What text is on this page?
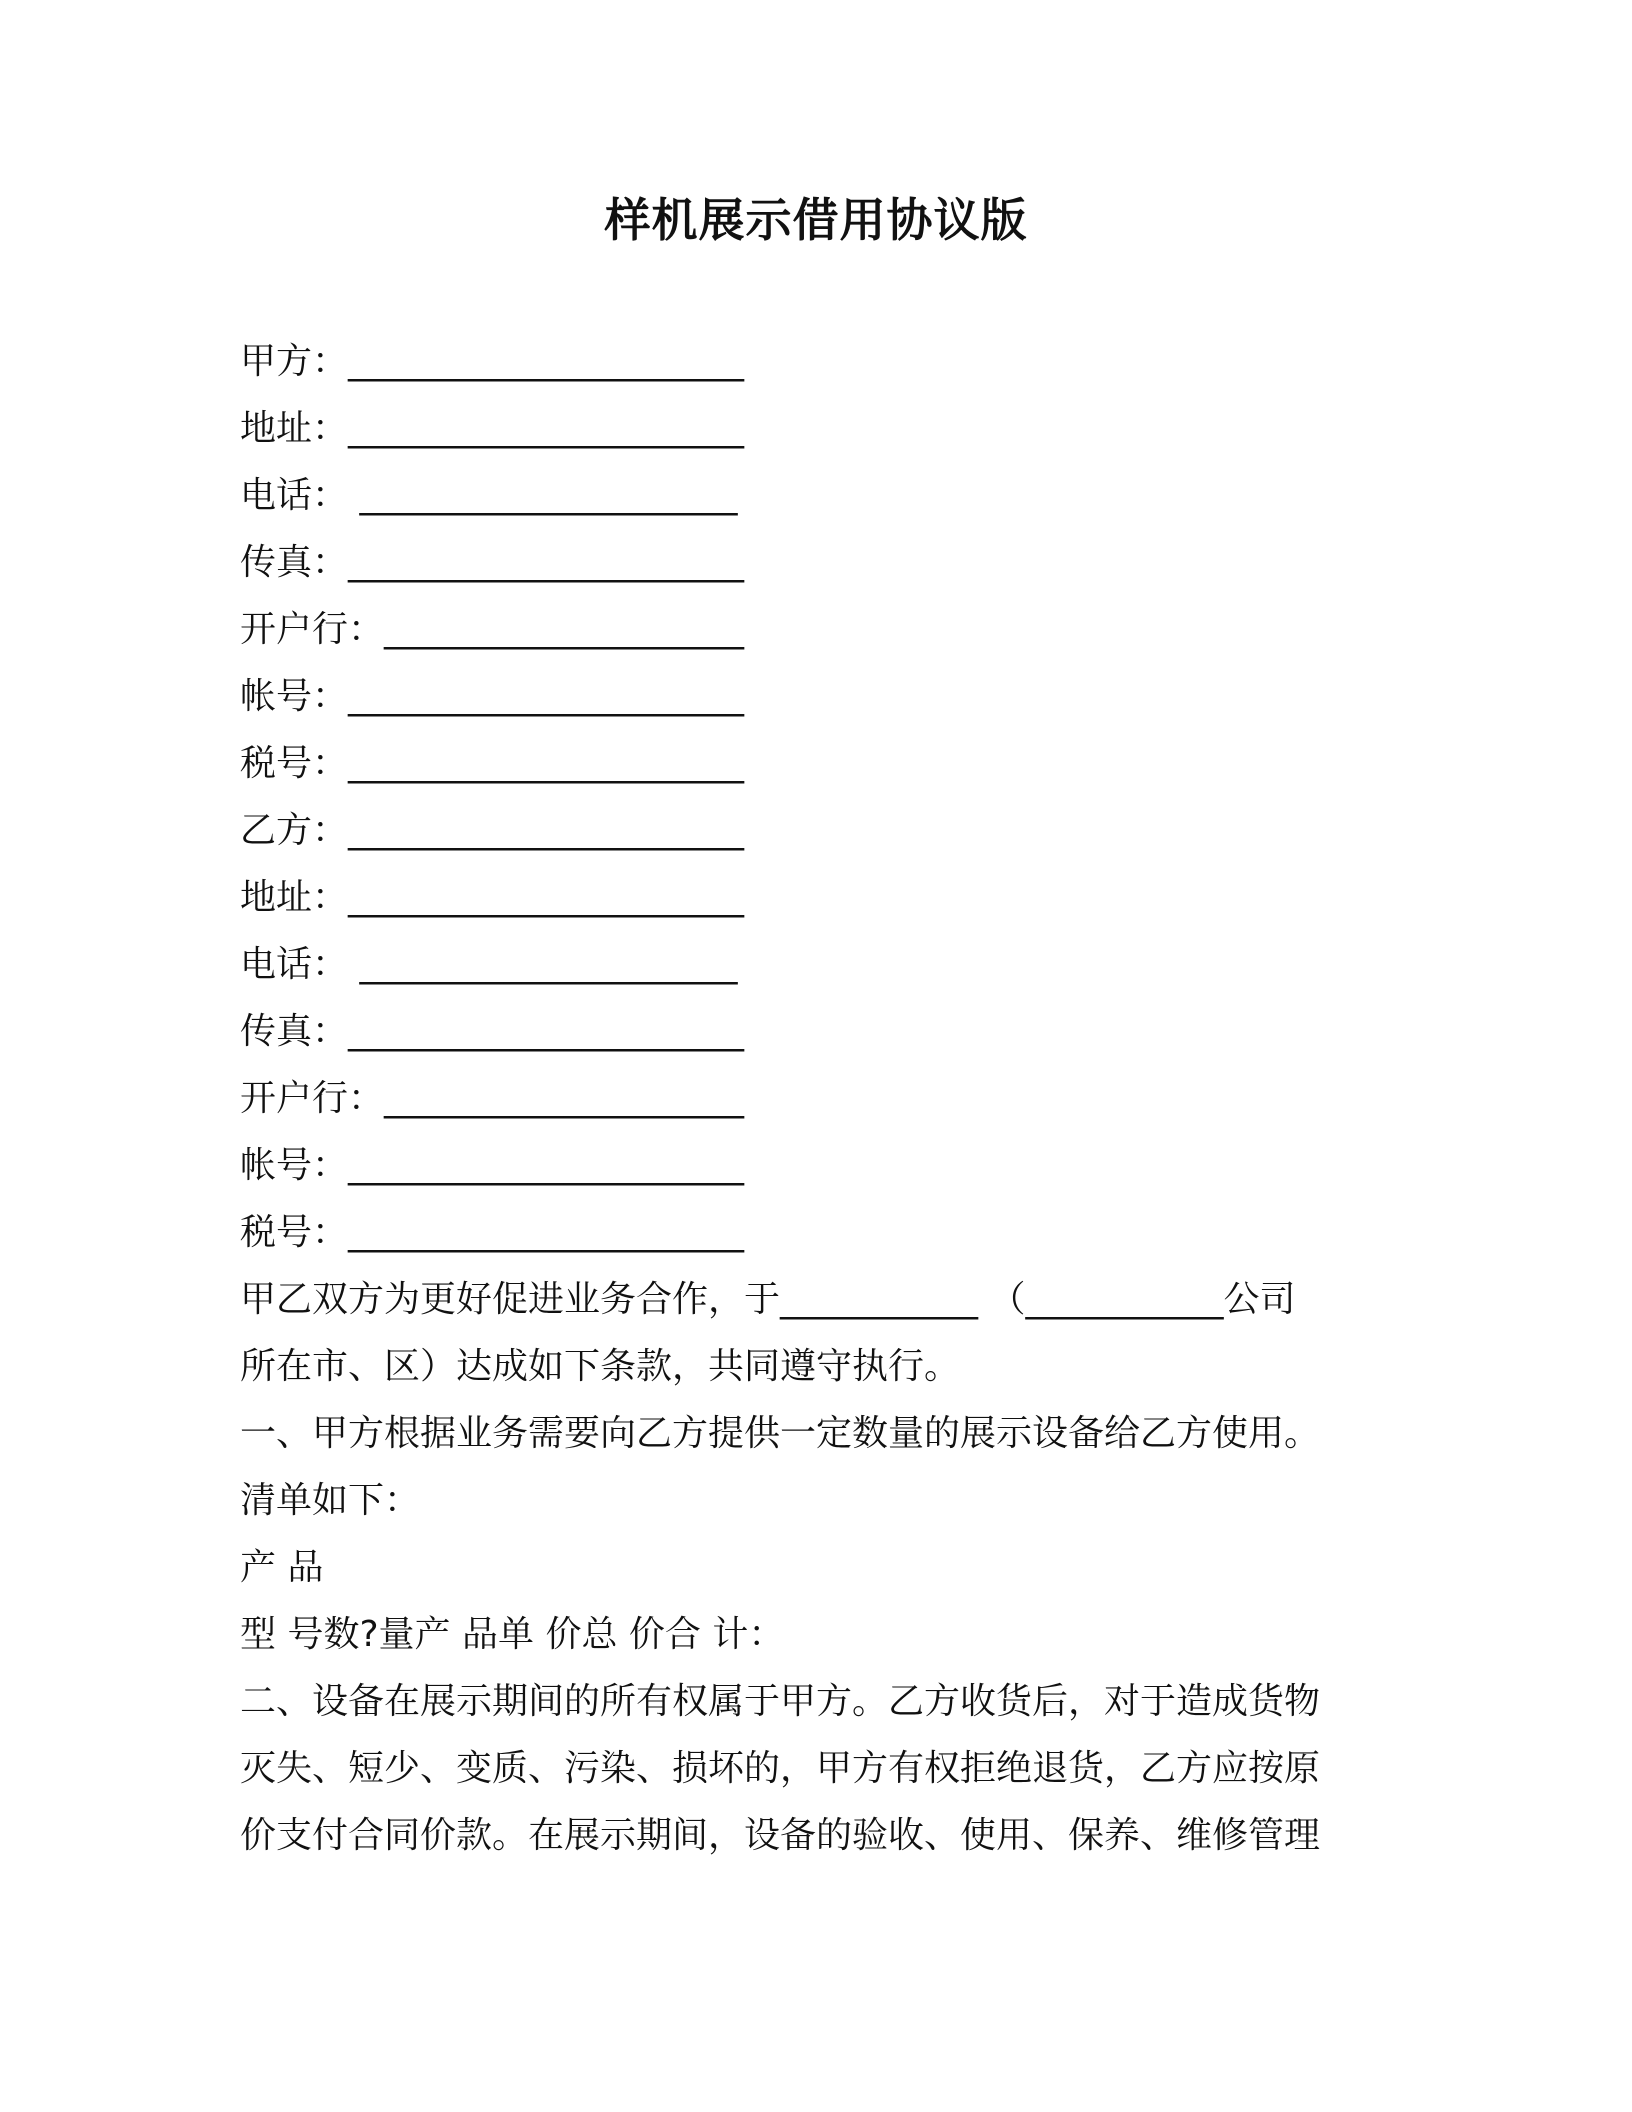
样机展示借用协议版
甲方：______________________
地址：______________________
电话： _____________________
传真：______________________
开户行：____________________
帐号：______________________
税号：______________________
乙方：______________________
地址：______________________
电话： _____________________
传真：______________________
开户行：____________________
帐号：______________________
税号：______________________
甲乙双方为更好促进业务合作，于___________ （___________公司
所在市、区）达成如下条款，共同遵守执行。
一、甲方根据业务需要向乙方提供一定数量的展示设备给乙方使用。
清单如下：
产 品
型 号数?量产 品单 价总 价合 计：
二、设备在展示期间的所有权属于甲方。乙方收货后，对于造成货物
灭失、短少、变质、污染、损坏的，甲方有权拒绝退货，乙方应按原
价支付合同价款。在展示期间，设备的验收、使用、保养、维修管理
